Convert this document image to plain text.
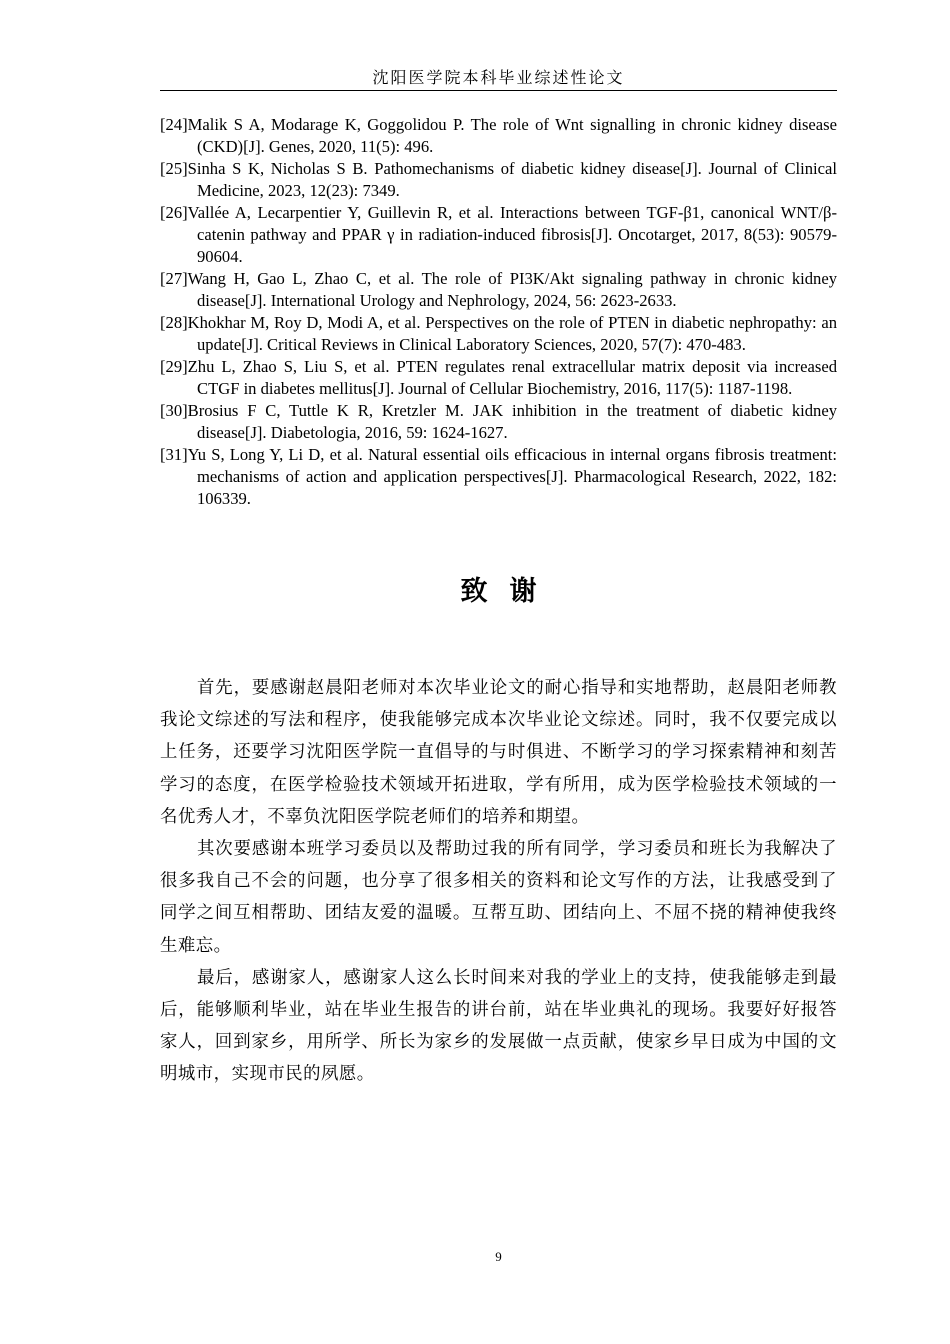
沈阳医学院本科毕业综述性论文

[24]Malik S A, Modarage K, Goggolidou P. The role of Wnt signalling in chronic kidney disease (CKD)[J]. Genes, 2020, 11(5): 496.

[25]Sinha S K, Nicholas S B. Pathomechanisms of diabetic kidney disease[J]. Journal of Clinical Medicine, 2023, 12(23): 7349.

[26]Vallée A, Lecarpentier Y, Guillevin R, et al. Interactions between TGF-β1, canonical WNT/β-catenin pathway and PPAR γ in radiation-induced fibrosis[J]. Oncotarget, 2017, 8(53): 90579-90604.

[27]Wang H, Gao L, Zhao C, et al. The role of PI3K/Akt signaling pathway in chronic kidney disease[J]. International Urology and Nephrology, 2024, 56: 2623-2633.

[28]Khokhar M, Roy D, Modi A, et al. Perspectives on the role of PTEN in diabetic nephropathy: an update[J]. Critical Reviews in Clinical Laboratory Sciences, 2020, 57(7): 470-483.

[29]Zhu L, Zhao S, Liu S, et al. PTEN regulates renal extracellular matrix deposit via increased CTGF in diabetes mellitus[J]. Journal of Cellular Biochemistry, 2016, 117(5): 1187-1198.

[30]Brosius F C, Tuttle K R, Kretzler M. JAK inhibition in the treatment of diabetic kidney disease[J]. Diabetologia, 2016, 59: 1624-1627.

[31]Yu S, Long Y, Li D, et al. Natural essential oils efficacious in internal organs fibrosis treatment: mechanisms of action and application perspectives[J]. Pharmacological Research, 2022, 182: 106339.

致谢

首先，要感谢赵晨阳老师对本次毕业论文的耐心指导和实地帮助，赵晨阳老师教我论文综述的写法和程序，使我能够完成本次毕业论文综述。同时，我不仅要完成以上任务，还要学习沈阳医学院一直倡导的与时俱进、不断学习的学习探索精神和刻苦学习的态度，在医学检验技术领域开拓进取，学有所用，成为医学检验技术领域的一名优秀人才，不辜负沈阳医学院老师们的培养和期望。

其次要感谢本班学习委员以及帮助过我的所有同学，学习委员和班长为我解决了很多我自己不会的问题，也分享了很多相关的资料和论文写作的方法，让我感受到了同学之间互相帮助、团结友爱的温暖。互帮互助、团结向上、不屈不挠的精神使我终生难忘。

最后，感谢家人，感谢家人这么长时间来对我的学业上的支持，使我能够走到最后，能够顺利毕业，站在毕业生报告的讲台前，站在毕业典礼的现场。我要好好报答家人，回到家乡，用所学、所长为家乡的发展做一点贡献，使家乡早日成为中国的文明城市，实现市民的夙愿。

9
